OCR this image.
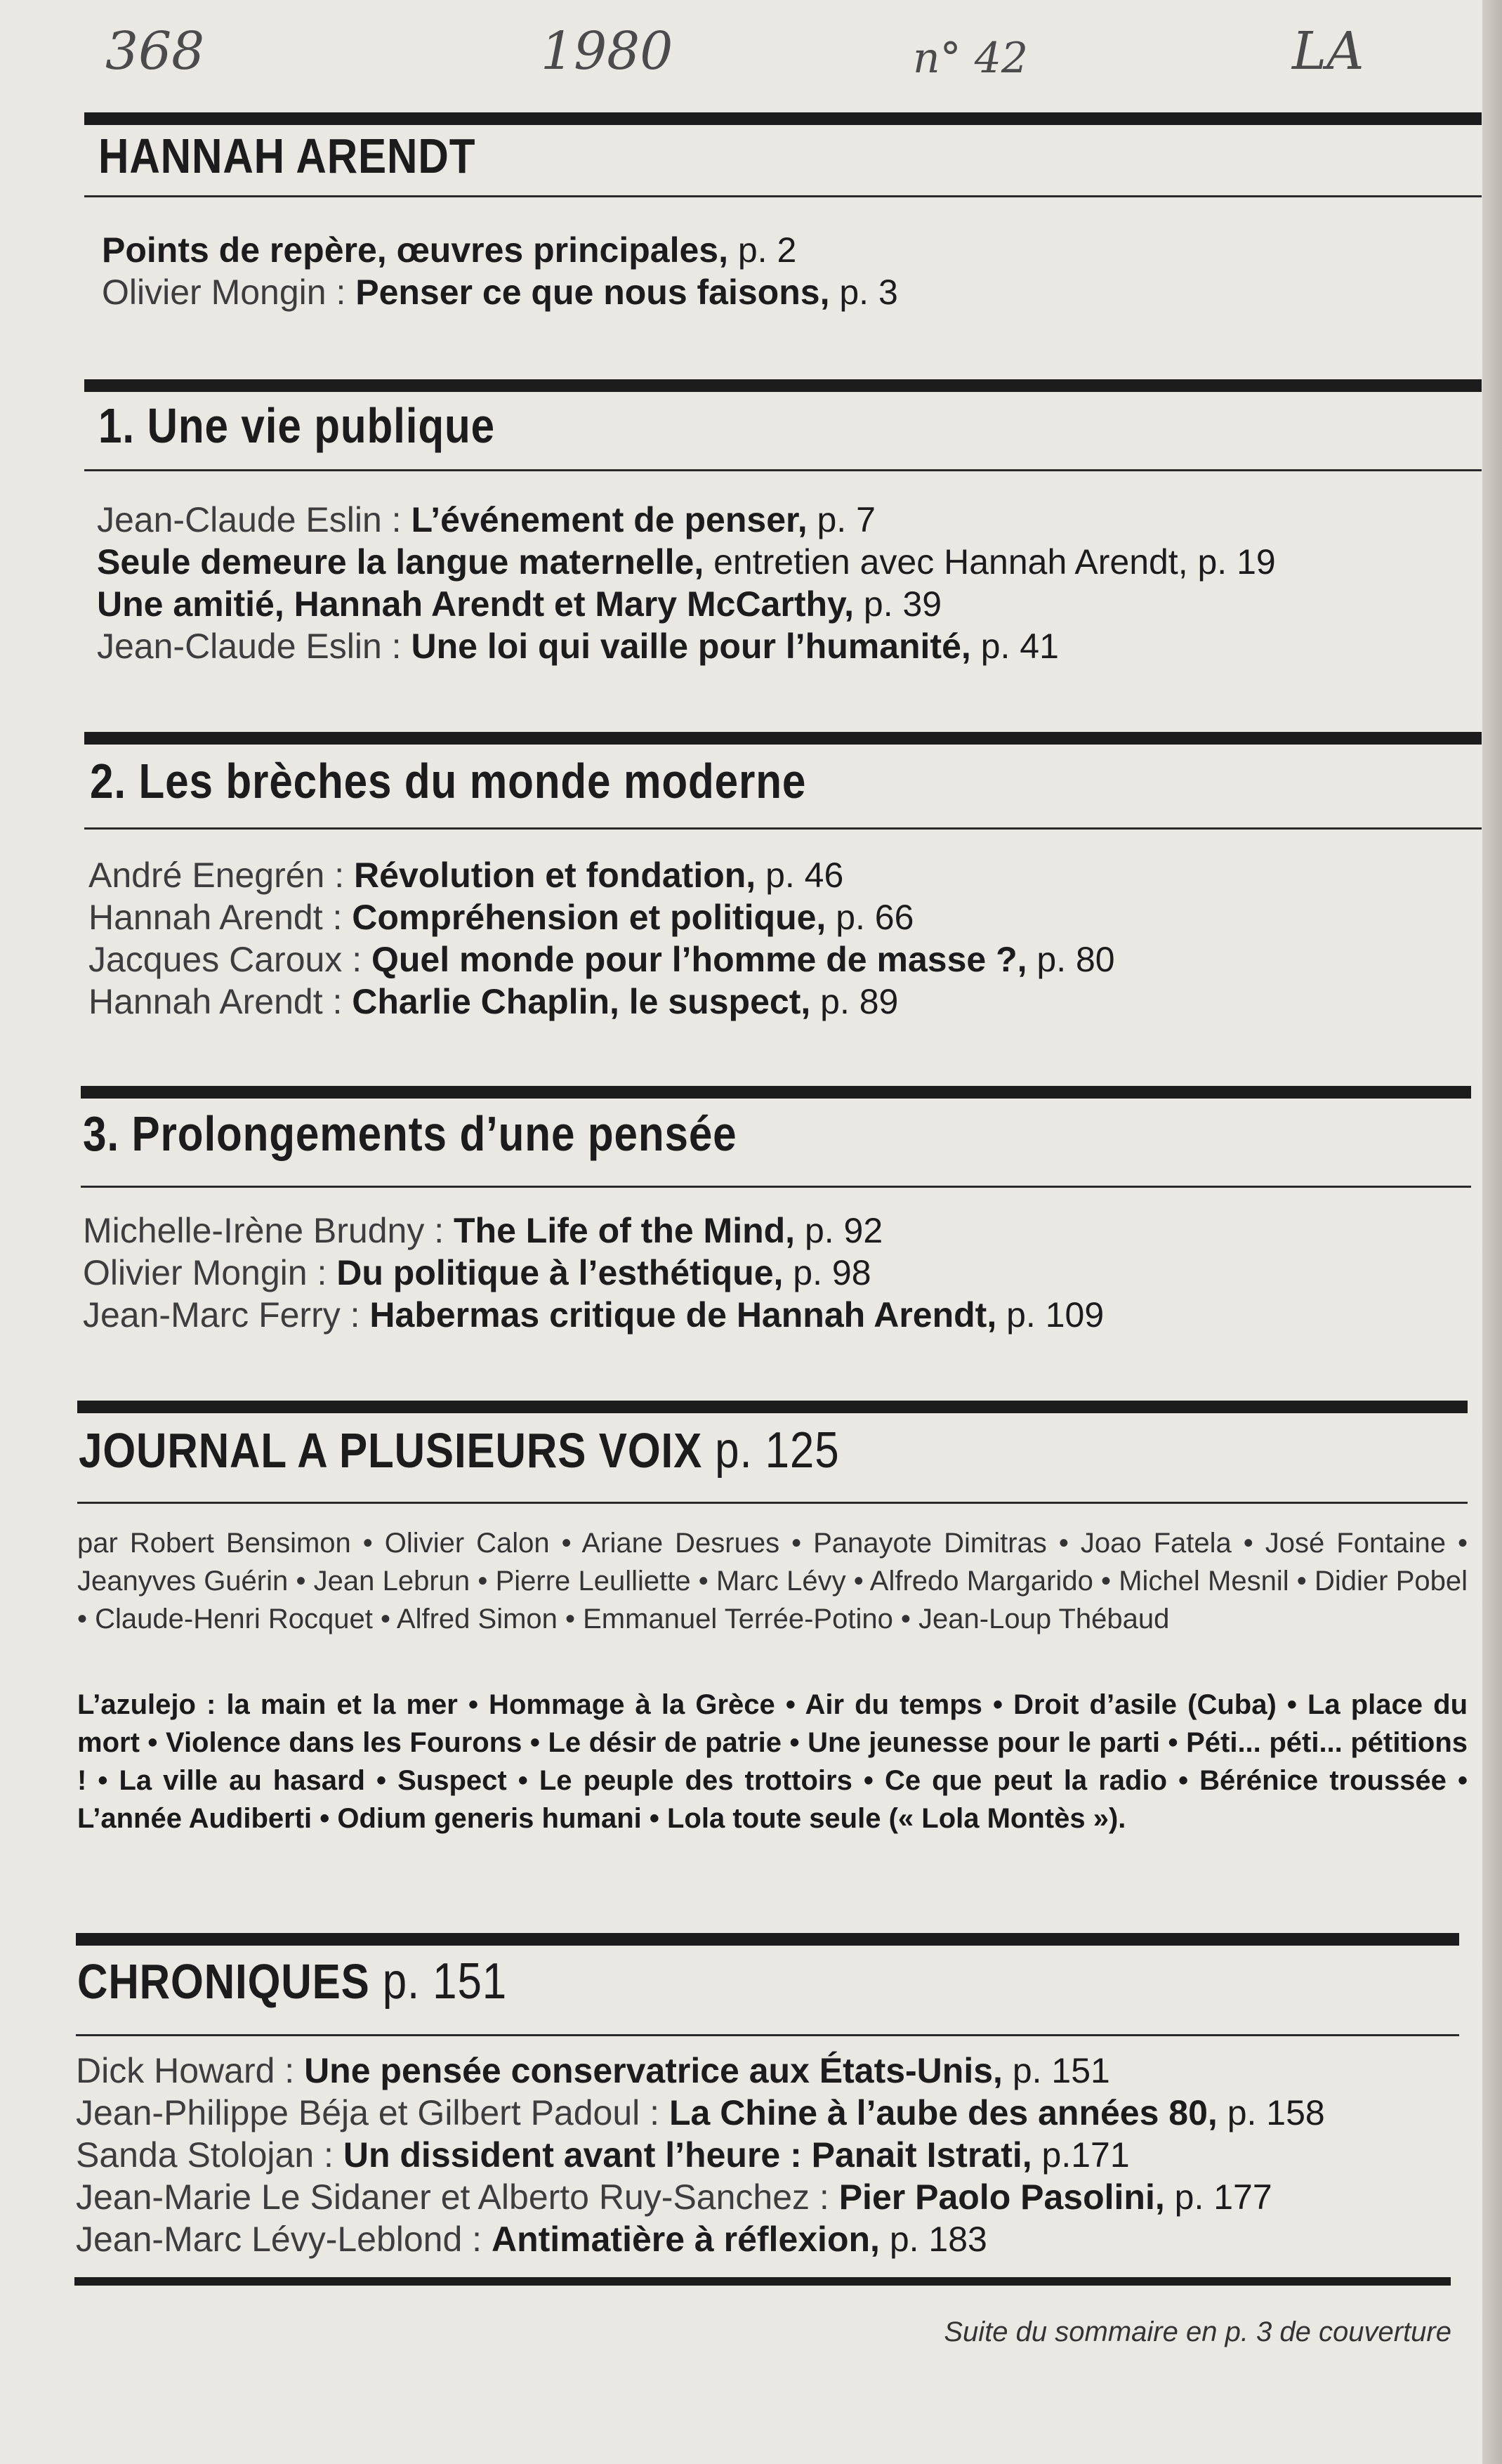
368	1980	n° 42	LA
HANNAH ARENDT
Points de repère, œuvres principales, p. 2
Olivier Mongin : Penser ce que nous faisons, p. 3
1. Une vie publique
Jean-Claude Eslin : L’événement de penser, p. 7
Seule demeure la langue maternelle, entretien avec Hannah Arendt, p. 19
Une amitié, Hannah Arendt et Mary McCarthy, p. 39
Jean-Claude Eslin : Une loi qui vaille pour l’humanité, p. 41
2. Les brèches du monde moderne
André Enegrén : Révolution et fondation, p. 46
Hannah Arendt : Compréhension et politique, p. 66
Jacques Caroux : Quel monde pour l’homme de masse ?, p. 80
Hannah Arendt : Charlie Chaplin, le suspect, p. 89
3. Prolongements d’une pensée
Michelle-Irène Brudny : The Life of the Mind, p. 92
Olivier Mongin : Du politique à l’esthétique, p. 98
Jean-Marc Ferry : Habermas critique de Hannah Arendt, p. 109
JOURNAL A PLUSIEURS VOIX p. 125
par Robert Bensimon • Olivier Calon • Ariane Desrues • Panayote Dimitras • Joao Fatela • José Fontaine • Jeanyves Guérin • Jean Lebrun • Pierre Leulliette • Marc Lévy • Alfredo Margarido • Michel Mesnil • Didier Pobel • Claude-Henri Rocquet • Alfred Simon • Emmanuel Terrée-Potino • Jean-Loup Thébaud
L’azulejo : la main et la mer • Hommage à la Grèce • Air du temps • Droit d’asile (Cuba) • La place du mort • Violence dans les Fourons • Le désir de patrie • Une jeunesse pour le parti • Péti... péti... pétitions ! • La ville au hasard • Suspect • Le peuple des trottoirs • Ce que peut la radio • Bérénice troussée • L’année Audiberti • Odium generis humani • Lola toute seule (« Lola Montès »).
CHRONIQUES p. 151
Dick Howard : Une pensée conservatrice aux États-Unis, p. 151
Jean-Philippe Béja et Gilbert Padoul : La Chine à l’aube des années 80, p. 158
Sanda Stolojan : Un dissident avant l’heure : Panait Istrati, p.171
Jean-Marie Le Sidaner et Alberto Ruy-Sanchez : Pier Paolo Pasolini, p. 177
Jean-Marc Lévy-Leblond : Antimatière à réflexion, p. 183
Suite du sommaire en p. 3 de couverture
